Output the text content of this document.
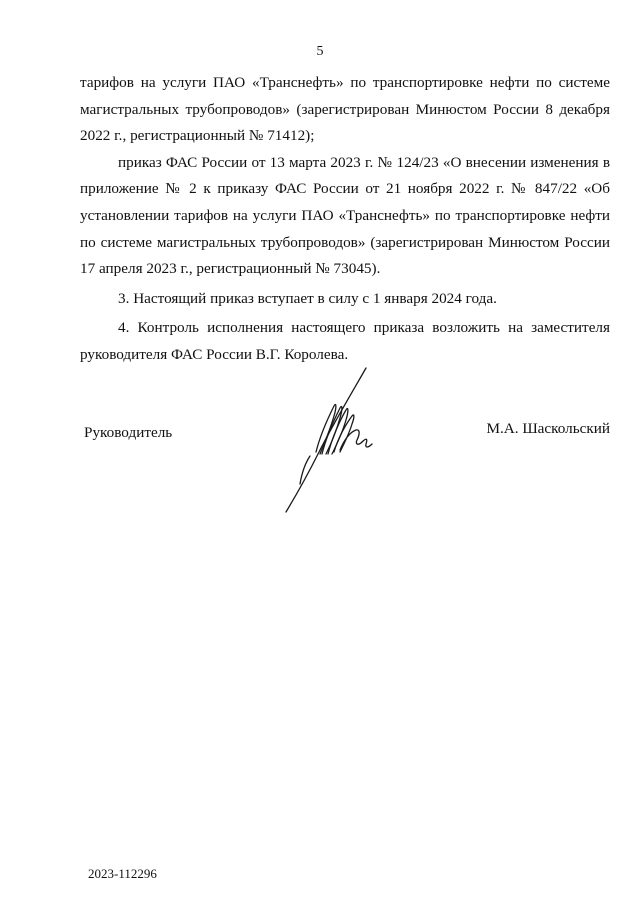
5

тарифов на услуги ПАО «Транснефть» по транспортировке нефти по системе магистральных трубопроводов» (зарегистрирован Минюстом России 8 декабря 2022 г., регистрационный № 71412);

приказ ФАС России от 13 марта 2023 г. № 124/23 «О внесении изменения в приложение № 2 к приказу ФАС России от 21 ноября 2022 г. № 847/22 «Об установлении тарифов на услуги ПАО «Транснефть» по транспортировке нефти по системе магистральных трубопроводов» (зарегистрирован Минюстом России 17 апреля 2023 г., регистрационный № 73045).

3. Настоящий приказ вступает в силу с 1 января 2024 года.

4. Контроль исполнения настоящего приказа возложить на заместителя руководителя ФАС России В.Г. Королева.

Руководитель	М.А. Шаскольский
2023-112296
